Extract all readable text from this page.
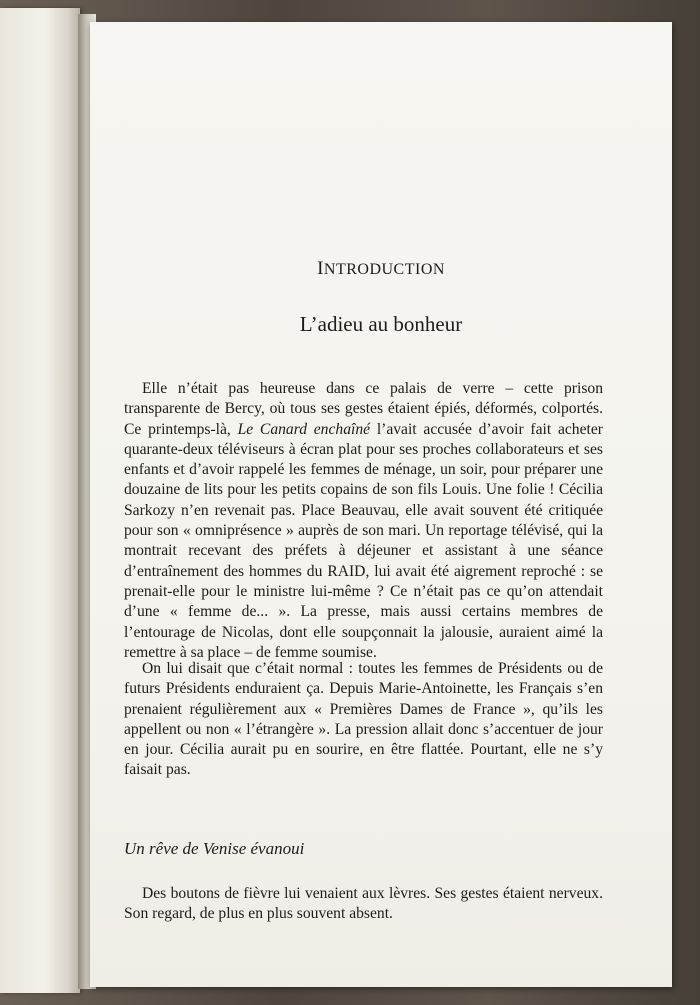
INTRODUCTION
L’adieu au bonheur

Elle n’était pas heureuse dans ce palais de verre – cette prison transparente de Bercy, où tous ses gestes étaient épiés, déformés, colportés. Ce printemps-là, Le Canard enchaîné l’avait accusée d’avoir fait acheter quarante-deux téléviseurs à écran plat pour ses proches collaborateurs et ses enfants et d’avoir rappelé les femmes de ménage, un soir, pour préparer une douzaine de lits pour les petits copains de son fils Louis. Une folie ! Cécilia Sarkozy n’en revenait pas. Place Beauvau, elle avait souvent été critiquée pour son « omniprésence » auprès de son mari. Un reportage télévisé, qui la montrait recevant des préfets à déjeuner et assistant à une séance d’entraînement des hommes du RAID, lui avait été aigrement reproché : se prenait-elle pour le ministre lui-même ? Ce n’était pas ce qu’on attendait d’une « femme de... ». La presse, mais aussi certains membres de l’entourage de Nicolas, dont elle soupçonnait la jalousie, auraient aimé la remettre à sa place – de femme soumise.

On lui disait que c’était normal : toutes les femmes de Présidents ou de futurs Présidents enduraient ça. Depuis Marie-Antoinette, les Français s’en prenaient régulièrement aux « Premières Dames de France », qu’ils les appellent ou non « l’étrangère ». La pression allait donc s’accentuer de jour en jour. Cécilia aurait pu en sourire, en être flattée. Pourtant, elle ne s’y faisait pas.

Un rêve de Venise évanoui

Des boutons de fièvre lui venaient aux lèvres. Ses gestes étaient nerveux. Son regard, de plus en plus souvent absent.
